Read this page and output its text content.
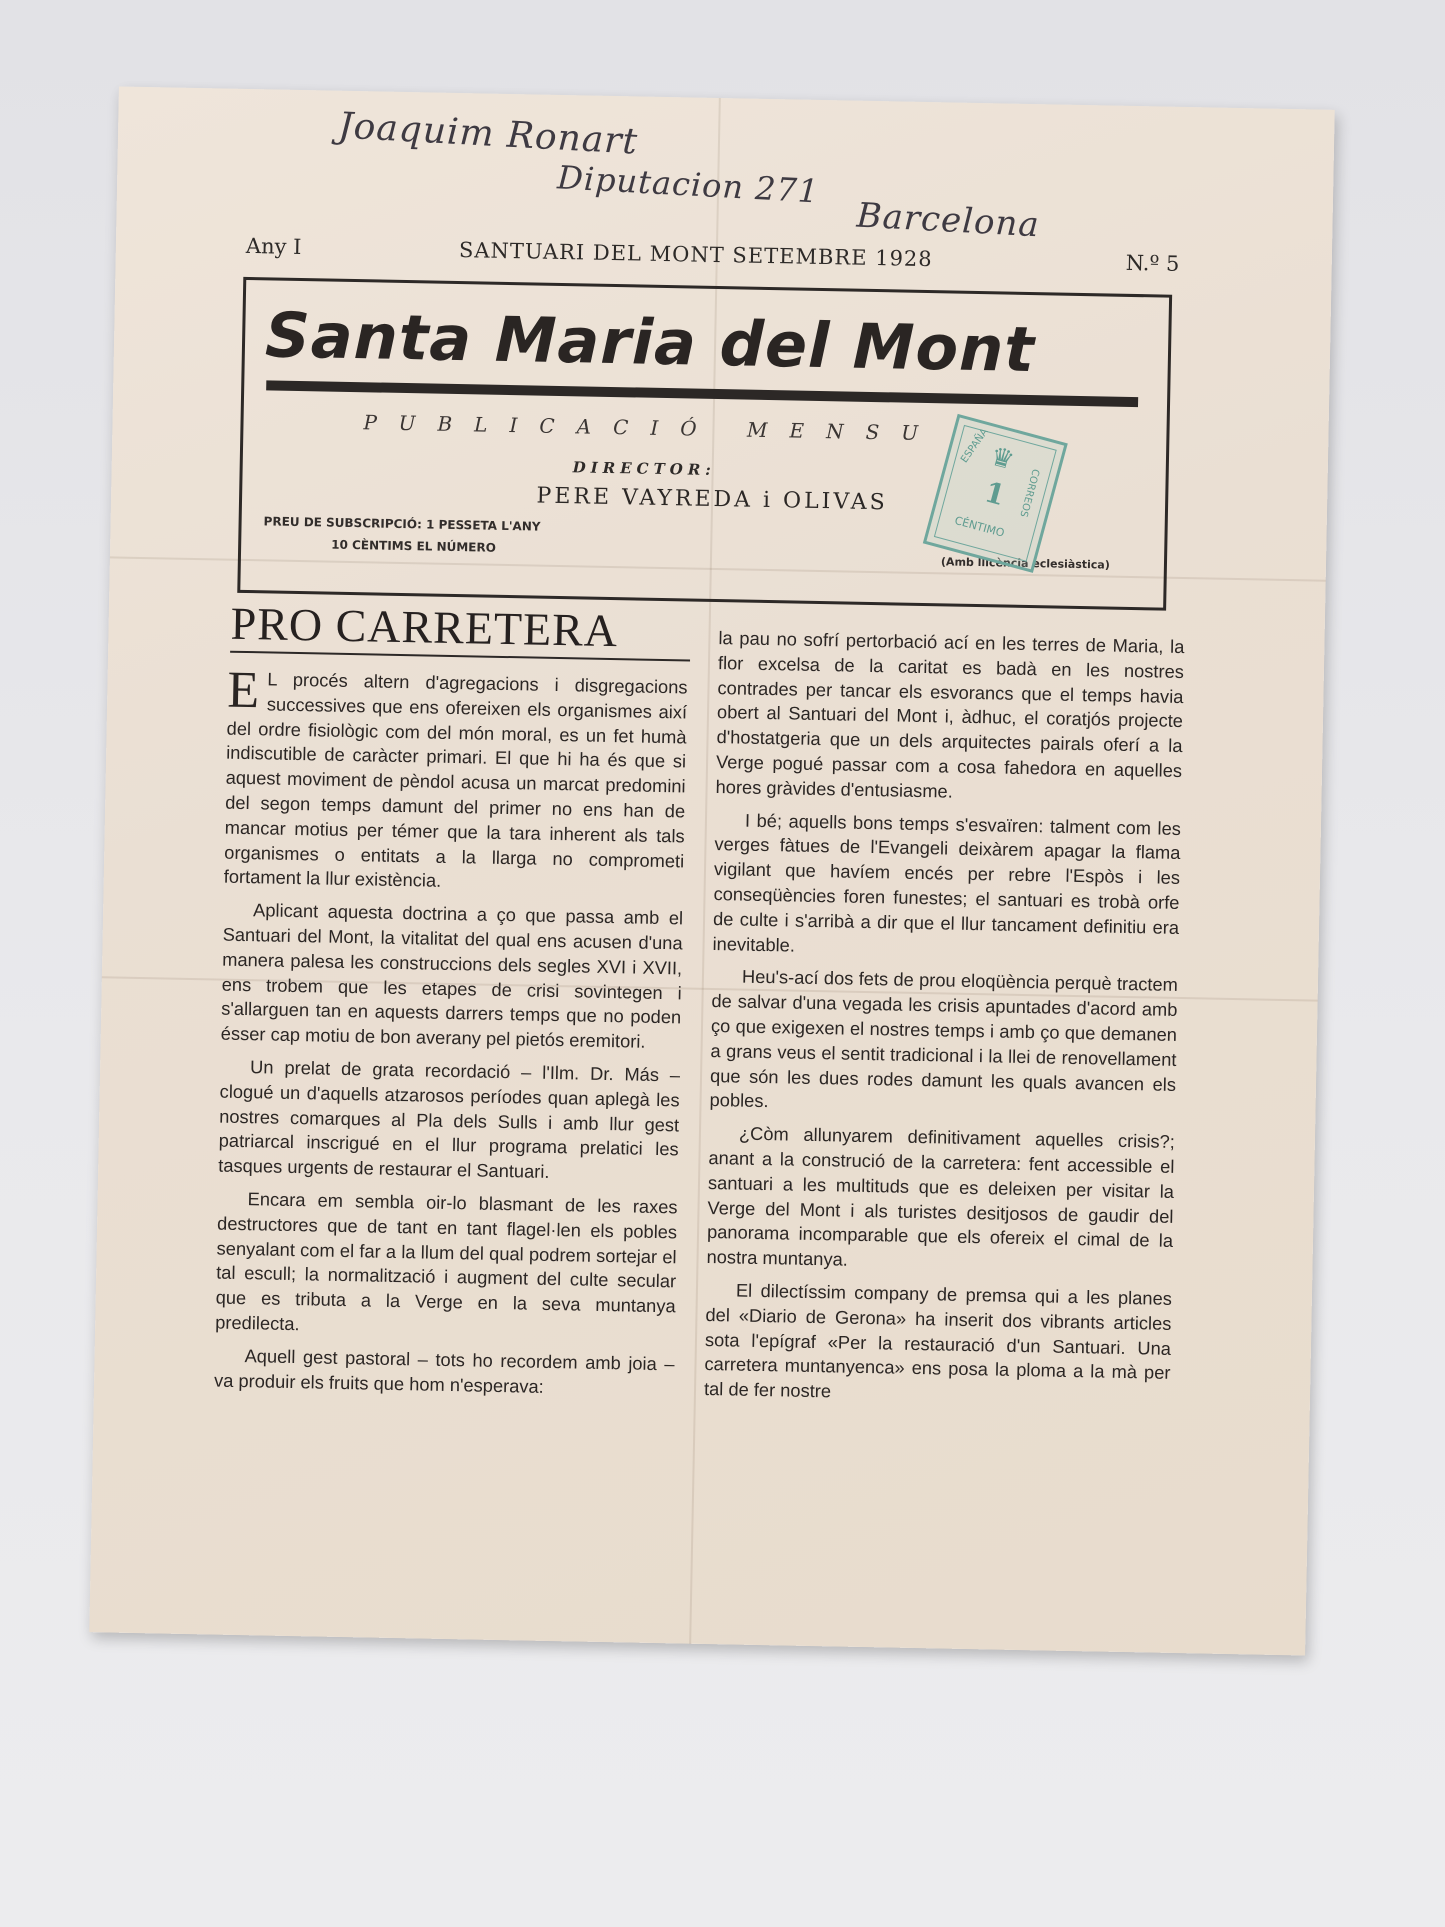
Joaquim Ronart
Diputacion 271
Barcelona
Any I	SANTUARI DEL MONT SETEMBRE 1928	N.º 5
Santa Maria del Mont
PUBLICACIÓ MENSU
DIRECTOR:
PERE VAYREDA i OLIVAS
PREU DE SUBSCRIPCIÓ: 1 PESSETA L'ANY
10 CÈNTIMS EL NÚMERO
(Amb llicència eclesiàstica)
♛
ESPAÑA
CORREOS
1
CÉNTIMO
PRO CARRETERA

E L procés altern d'agregacions i disgregacions successives que ens ofereixen els organismes així del ordre fisiològic com del món moral, es un fet humà indiscutible de caràcter primari. El que hi ha és que si aquest moviment de pèndol acusa un marcat predomini del segon temps damunt del primer no ens han de mancar motius per témer que la tara inherent als tals organismes o entitats a la llarga no comprometi fortament la llur existència.

Aplicant aquesta doctrina a ço que passa amb el Santuari del Mont, la vitalitat del qual ens acusen d'una manera palesa les construccions dels segles XVI i XVII, ens trobem que les etapes de crisi sovintegen i s'allarguen tan en aquests darrers temps que no poden ésser cap motiu de bon averany pel pietós eremitori.

Un prelat de grata recordació – l'Ilm. Dr. Más – clogué un d'aquells atzarosos períodes quan aplegà les nostres comarques al Pla dels Sulls i amb llur gest patriarcal inscrigué en el llur programa prelatici les tasques urgents de restaurar el Santuari.

Encara em sembla oir-lo blasmant de les raxes destructores que de tant en tant flagel·len els pobles senyalant com el far a la llum del qual podrem sortejar el tal escull; la normalització i augment del culte secular que es tributa a la Verge en la seva muntanya predilecta.

Aquell gest pastoral – tots ho recordem amb joia – va produir els fruits que hom n'esperava:

la pau no sofrí pertorbació ací en les terres de Maria, la flor excelsa de la caritat es badà en les nostres contrades per tancar els esvorancs que el temps havia obert al Santuari del Mont i, àdhuc, el coratjós projecte d'hostatgeria que un dels arquitectes pairals oferí a la Verge pogué passar com a cosa fahedora en aquelles hores gràvides d'entusiasme.

I bé; aquells bons temps s'esvaïren: talment com les verges fàtues de l'Evangeli deixàrem apagar la flama vigilant que havíem encés per rebre l'Espòs i les conseqüències foren funestes; el santuari es trobà orfe de culte i s'arribà a dir que el llur tancament definitiu era inevitable.

Heu's-ací dos fets de prou eloqüència perquè tractem de salvar d'una vegada les crisis apuntades d'acord amb ço que exigexen el nostres temps i amb ço que demanen a grans veus el sentit tradicional i la llei de renovellament que són les dues rodes damunt les quals avancen els pobles.

¿Còm allunyarem definitivament aquelles crisis?; anant a la construció de la carretera: fent accessible el santuari a les multituds que es deleixen per visitar la Verge del Mont i als turistes desitjosos de gaudir del panorama incomparable que els ofereix el cimal de la nostra muntanya.

El dilectíssim company de premsa qui a les planes del «Diario de Gerona» ha inserit dos vibrants articles sota l'epígraf «Per la restauració d'un Santuari. Una carretera muntanyenca» ens posa la ploma a la mà per tal de fer nostre
